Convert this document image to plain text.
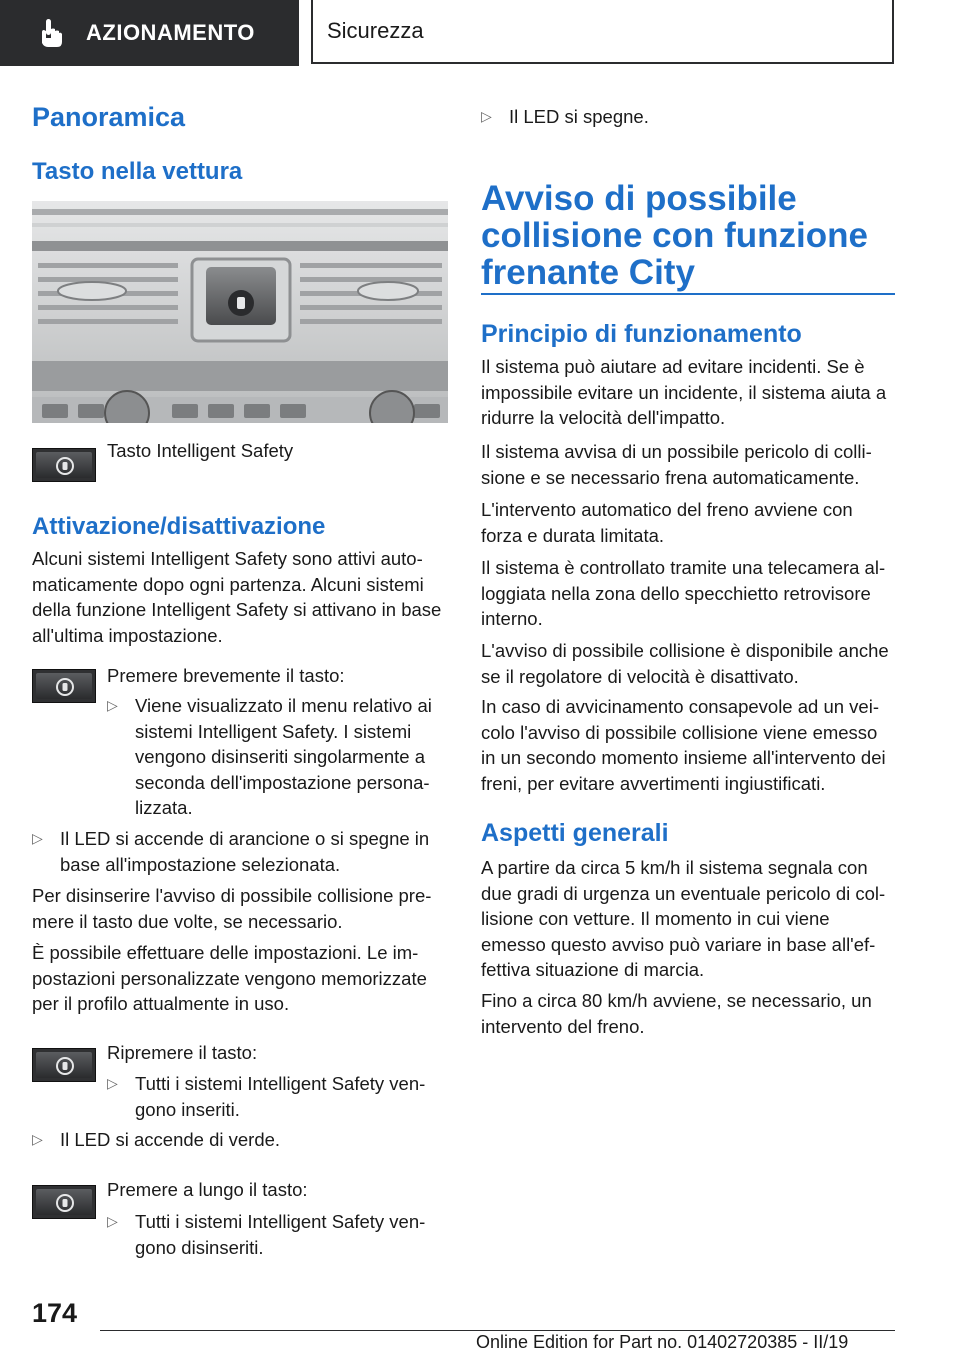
AZIONAMENTO	Sicurezza
Panoramica
Tasto nella vettura

Tasto Intelligent Safety

Attivazione/disattivazione

Alcuni sistemi Intelligent Safety sono attivi automaticamente dopo ogni partenza. Alcuni sistemi della funzione Intelligent Safety si attivano in base all'ultima impostazione.

Premere brevemente il tasto:

▷ Viene visualizzato il menu relativo ai sistemi Intelligent Safety. I sistemi vengono disinseriti singolarmente a seconda dell'impostazione personalizzata.

▷ Il LED si accende di arancione o si spegne in base all'impostazione selezionata.

Per disinserire l'avviso di possibile collisione premere il tasto due volte, se necessario.

È possibile effettuare delle impostazioni. Le impostazioni personalizzate vengono memorizzate per il profilo attualmente in uso.

Ripremere il tasto:

▷ Tutti i sistemi Intelligent Safety vengono inseriti.

▷ Il LED si accende di verde.

Premere a lungo il tasto:

▷ Tutti i sistemi Intelligent Safety vengono disinseriti.

▷ Il LED si spegne.

Avviso di possibile collisione con funzione frenante City
Principio di funzionamento

Il sistema può aiutare ad evitare incidenti. Se è impossibile evitare un incidente, il sistema aiuta a ridurre la velocità dell'impatto.

Il sistema avvisa di un possibile pericolo di collisione e se necessario frena automaticamente.

L'intervento automatico del freno avviene con forza e durata limitata.

Il sistema è controllato tramite una telecamera alloggiata nella zona dello specchietto retrovisore interno.

L'avviso di possibile collisione è disponibile anche se il regolatore di velocità è disattivato.

In caso di avvicinamento consapevole ad un veicolo l'avviso di possibile collisione viene emesso in un secondo momento insieme all'intervento dei freni, per evitare avvertimenti ingiustificati.

Aspetti generali

A partire da circa 5 km/h il sistema segnala con due gradi di urgenza un eventuale pericolo di collisione con vetture. Il momento in cui viene emesso questo avviso può variare in base all'effettiva situazione di marcia.

Fino a circa 80 km/h avviene, se necessario, un intervento del freno.

174
Online Edition for Part no. 01402720385 - II/19
